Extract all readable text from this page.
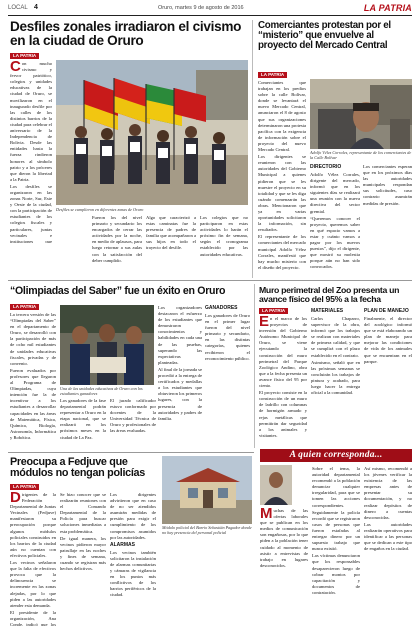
LOCAL 4	Oruro, martes 9 de agosto de 2016	LA PATRIA
Desfiles zonales irradiaron el civismo en la ciudad de Oruro
LA PATRIA

Con mucho civismo y fervor patriótico, colegios y unidades educativas de la ciudad de Oruro, se movilizaron en el inaugurado desfile por las calles de los distintos barrios de la ciudad para celebrar el aniversario de la Independencia de Bolivia. Desde las entidades hasta la fuerza rindieron honores al símbolo patrio y a los próceres que dieron la libertad a la Patria.

Los desfiles se organizaron en las zonas Norte, Sur, Este y Oeste de la ciudad, con la participación de estudiantes de los colegios fiscales y particulares, juntas vecinales e instituciones que

Desfiles se cumplieron en diferentes zonas de Oruro

Fueron los del nivel primario y secundario los encargados de cerrar las actividades por la noche, en medio de aplausos, para luego retornar a sus aulas con la satisfacción del deber cumplido.

Algo que caracterizó a estas caminatas fue la presencia de padres de familia que acompañaron a sus hijos en todo el trayecto del desfile.

Los colegios que no participaron en estas actividades lo harán el próximo fin de semana, según el cronograma establecido por las autoridades educativas.

Comerciantes protestan por el “misterio” que envuelve al proyecto del Mercado Central
LA PATRIA

Comerciantes que trabajan en los predios sobre la calle Bolívar, donde se levantará el nuevo Mercado Central, anunciaron el 8 de agosto que sus organizaciones determinaron una protesta pacífica con la exigencia de información sobre el proyecto del nuevo Mercado Central.

Los dirigentes se reunieron con las autoridades del Gobierno Municipal a quienes pidieron que se les muestre el proyecto en su totalidad y que se les diga cuándo comenzarán las obras. Mencionaron que ya en varias oportunidades solicitaron la información, sin resultados.

El representante de los comerciantes del mercado municipal Adolfo Vélez Corrales, manifestó que hay mucho misterio con el diseño del proyecto.

Adolfo Vélez Corrales, representante de los comerciantes de la Calle Bolívar

DIRECTORIO

Adolfo Vélez Corrales, dirigente del mercado, informó que en los siguientes días se realizará una reunión con la nueva directiva del sector gremial.

“Queremos conocer el proyecto, queremos saber en qué espacio vamos a estar y cuánto vamos a pagar por los nuevos puestos”, dijo el dirigente, que mostró su molestia porque aún no han sido convocados.

Los comerciantes esperan que en los próximos días las autoridades municipales respondan sus solicitudes, caso contrario asumirán medidas de presión.

“Olimpiadas del Saber” fue un éxito en Oruro
LA PATRIA

La tercera versión de las “Olimpiadas del Saber” en el departamento de Oruro, se desarrolló con la participación de más de ocho mil estudiantes de unidades educativas fiscales, privadas y de convenio.

Fueron evaluados por profesores que llegaron al Programa de Olimpiadas, cuya intención fue la de incentivar a los estudiantes a desarrollar capacidades en las áreas de Matemática, Física, Química, Biología, Astronomía, Informática y Robótica.

Una de las unidades educativas de Oruro con los estudiantes ganadores

Los ganadores de la fase departamental podrán representar a Oruro en la etapa nacional, que se realizará en los próximos meses en la ciudad de La Paz.

El jurado calificador estuvo conformado por docentes de la Universidad Técnica de Oruro y profesionales de las áreas evaluadas.

Los organizadores destacaron el esfuerzo de los estudiantes que demostraron conocimientos y habilidades en cada una de las pruebas, superando las expectativas planteadas.

Al final de la jornada se procedió a la entrega de certificados y medallas a los estudiantes que obtuvieron los primeros lugares, con la presencia de autoridades y padres de familia.

GANADORES

Los ganadores de Oruro en el primer lugar fueron del nivel primario y secundario, en las distintas categorías, quienes recibieron el reconocimiento público.

Muro perimetral del Zoo presenta un avance físico del 95% a la fecha
LA PATRIA

En el marco de los proyectos de inversión del Gobierno Autónomo Municipal de Oruro, se viene ejecutando la construcción del muro perimetral del Parque Zoológico Andino, obra que a la fecha presenta un avance físico del 95 por ciento.

El proyecto consiste en la construcción de un muro de ladrillo con columnas de hormigón armado y rejas metálicas que permitirán dar seguridad a los animales y visitantes.

MATERIALES

Carlos Chaparro, supervisor de la obra, informó que los trabajos se realizan con materiales de primera calidad, y que se cumplirá con el plazo establecido en el contrato.

Asimismo, señaló que en las próximas semanas se concluirán los trabajos de pintura y acabado, para luego hacer la entrega oficial a la comunidad.

PLAN DE MANEJO

Finalmente, el director del zoológico informó que se está elaborando un plan de manejo para mejorar las condiciones de vida de los animales que se encuentran en el parque.

Preocupa a Fedjuve que módulos no tengan policías
LA PATRIA

Dirigentes de la Federación Departamental de Juntas Vecinales (Fedjuve) manifestaron su preocupación porque algunos módulos policiales construidos en los barrios de la ciudad aún no cuentan con efectivos policiales.

Los vecinos señalaron que la falta de efectivos provoca que la delincuencia se incremente en las zonas alejadas, por lo que piden a las autoridades atender esta demanda.

El presidente de la organización, Ana Conde, indicó que los

Se hizo conocer que se realizarán reuniones con el Comando Departamental de la Policía para buscar soluciones inmediatas a esta problemática.

De igual manera, los vecinos pidieron mayor patrullaje en las noches y fines de semana, cuando se registran más hechos delictivos.

Los dirigentes advirtieron que en caso de no ser atendidos asumirán medidas de presión para exigir el cumplimiento de los compromisos asumidos por las autoridades.

ALARMAS

Los vecinos también solicitaron la instalación de alarmas comunitarias y cámaras de vigilancia en los puntos más conflictivos de los barrios periféricos de la ciudad.

Módulo policial del Barrio Sebastián Pagador donde no hay presencia del personal policial
A quien corresponda...

Muchas de las ofertas laborales que se publican en los medios de comunicación son engañosas, por lo que piden a la población tener cuidado al momento de asistir a entrevistas de trabajo en lugares desconocidos.

Sobre el tema, la autoridad departamental recomendó a la población denunciar cualquier irregularidad, para que se tomen las acciones correspondientes.

Seguidamente la policía recordó que se registraron casos de personas que fueron estafadas al entregar dinero por un supuesto trabajo que nunca existió.

Las víctimas denunciaron que los responsables desaparecieron luego de cobrar montos por capacitación y documentos de contratación.

Así mismo, recomendó a los jóvenes verificar la existencia de las empresas antes de presentar su documentación, y no realizar depósitos de dinero a cuentas desconocidas.

Las autoridades realizarán operativos para identificar a las personas que se dedican a este tipo de engaños en la ciudad.
